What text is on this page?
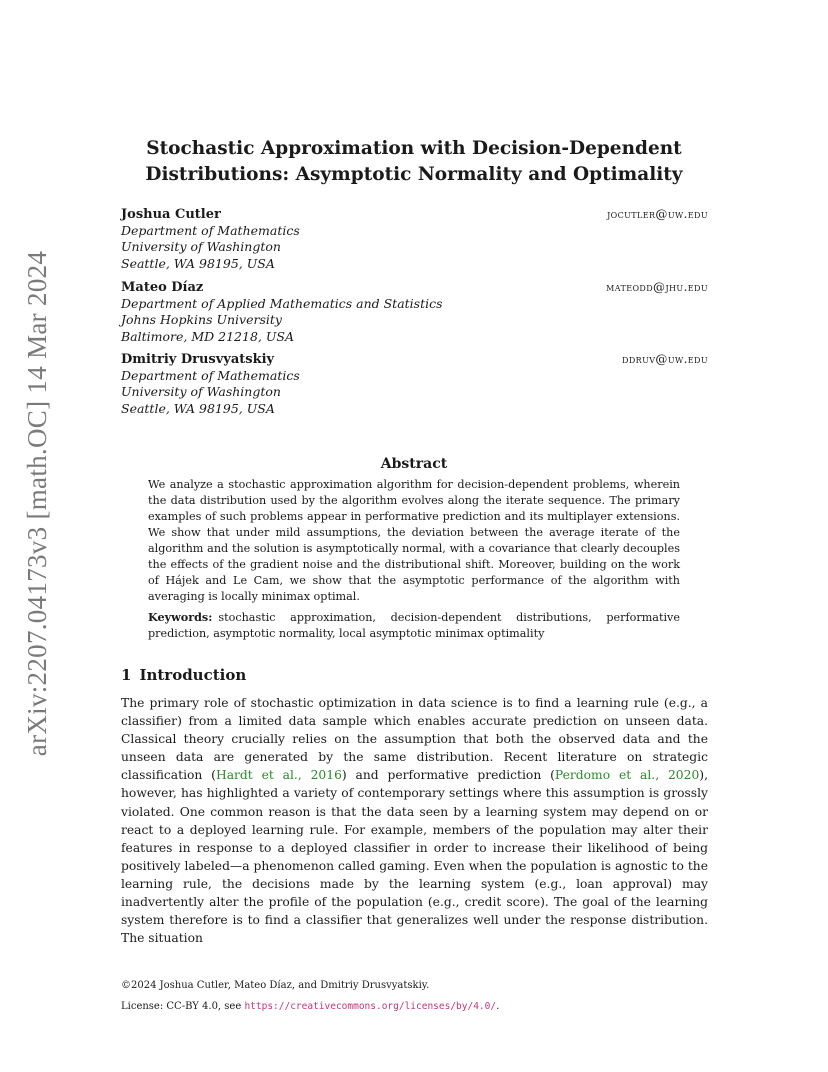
arXiv:2207.04173v3 [math.OC] 14 Mar 2024
Stochastic Approximation with Decision-Dependent
Distributions: Asymptotic Normality and Optimality
Joshua Cutler	jocutler@uw.edu
Department of Mathematics
University of Washington
Seattle, WA 98195, USA
Mateo Díaz	mateodd@jhu.edu
Department of Applied Mathematics and Statistics
Johns Hopkins University
Baltimore, MD 21218, USA
Dmitriy Drusvyatskiy	ddruv@uw.edu
Department of Mathematics
University of Washington
Seattle, WA 98195, USA
Abstract
We analyze a stochastic approximation algorithm for decision-dependent problems, wherein the data distribution used by the algorithm evolves along the iterate sequence. The primary examples of such problems appear in performative prediction and its multiplayer extensions. We show that under mild assumptions, the deviation between the average iterate of the algorithm and the solution is asymptotically normal, with a covariance that clearly decouples the effects of the gradient noise and the distributional shift. Moreover, building on the work of Hájek and Le Cam, we show that the asymptotic performance of the algorithm with averaging is locally minimax optimal.
Keywords: stochastic approximation, decision-dependent distributions, performative prediction, asymptotic normality, local asymptotic minimax optimality
1 Introduction
The primary role of stochastic optimization in data science is to find a learning rule (e.g., a classifier) from a limited data sample which enables accurate prediction on unseen data. Classical theory crucially relies on the assumption that both the observed data and the unseen data are generated by the same distribution. Recent literature on strategic classification (Hardt et al., 2016) and performative prediction (Perdomo et al., 2020), however, has highlighted a variety of contemporary settings where this assumption is grossly violated. One common reason is that the data seen by a learning system may depend on or react to a deployed learning rule. For example, members of the population may alter their features in response to a deployed classifier in order to increase their likelihood of being positively labeled—a phenomenon called gaming. Even when the population is agnostic to the learning rule, the decisions made by the learning system (e.g., loan approval) may inadvertently alter the profile of the population (e.g., credit score). The goal of the learning system therefore is to find a classifier that generalizes well under the response distribution. The situation
©2024 Joshua Cutler, Mateo Díaz, and Dmitriy Drusvyatskiy.
License: CC-BY 4.0, see https://creativecommons.org/licenses/by/4.0/.
